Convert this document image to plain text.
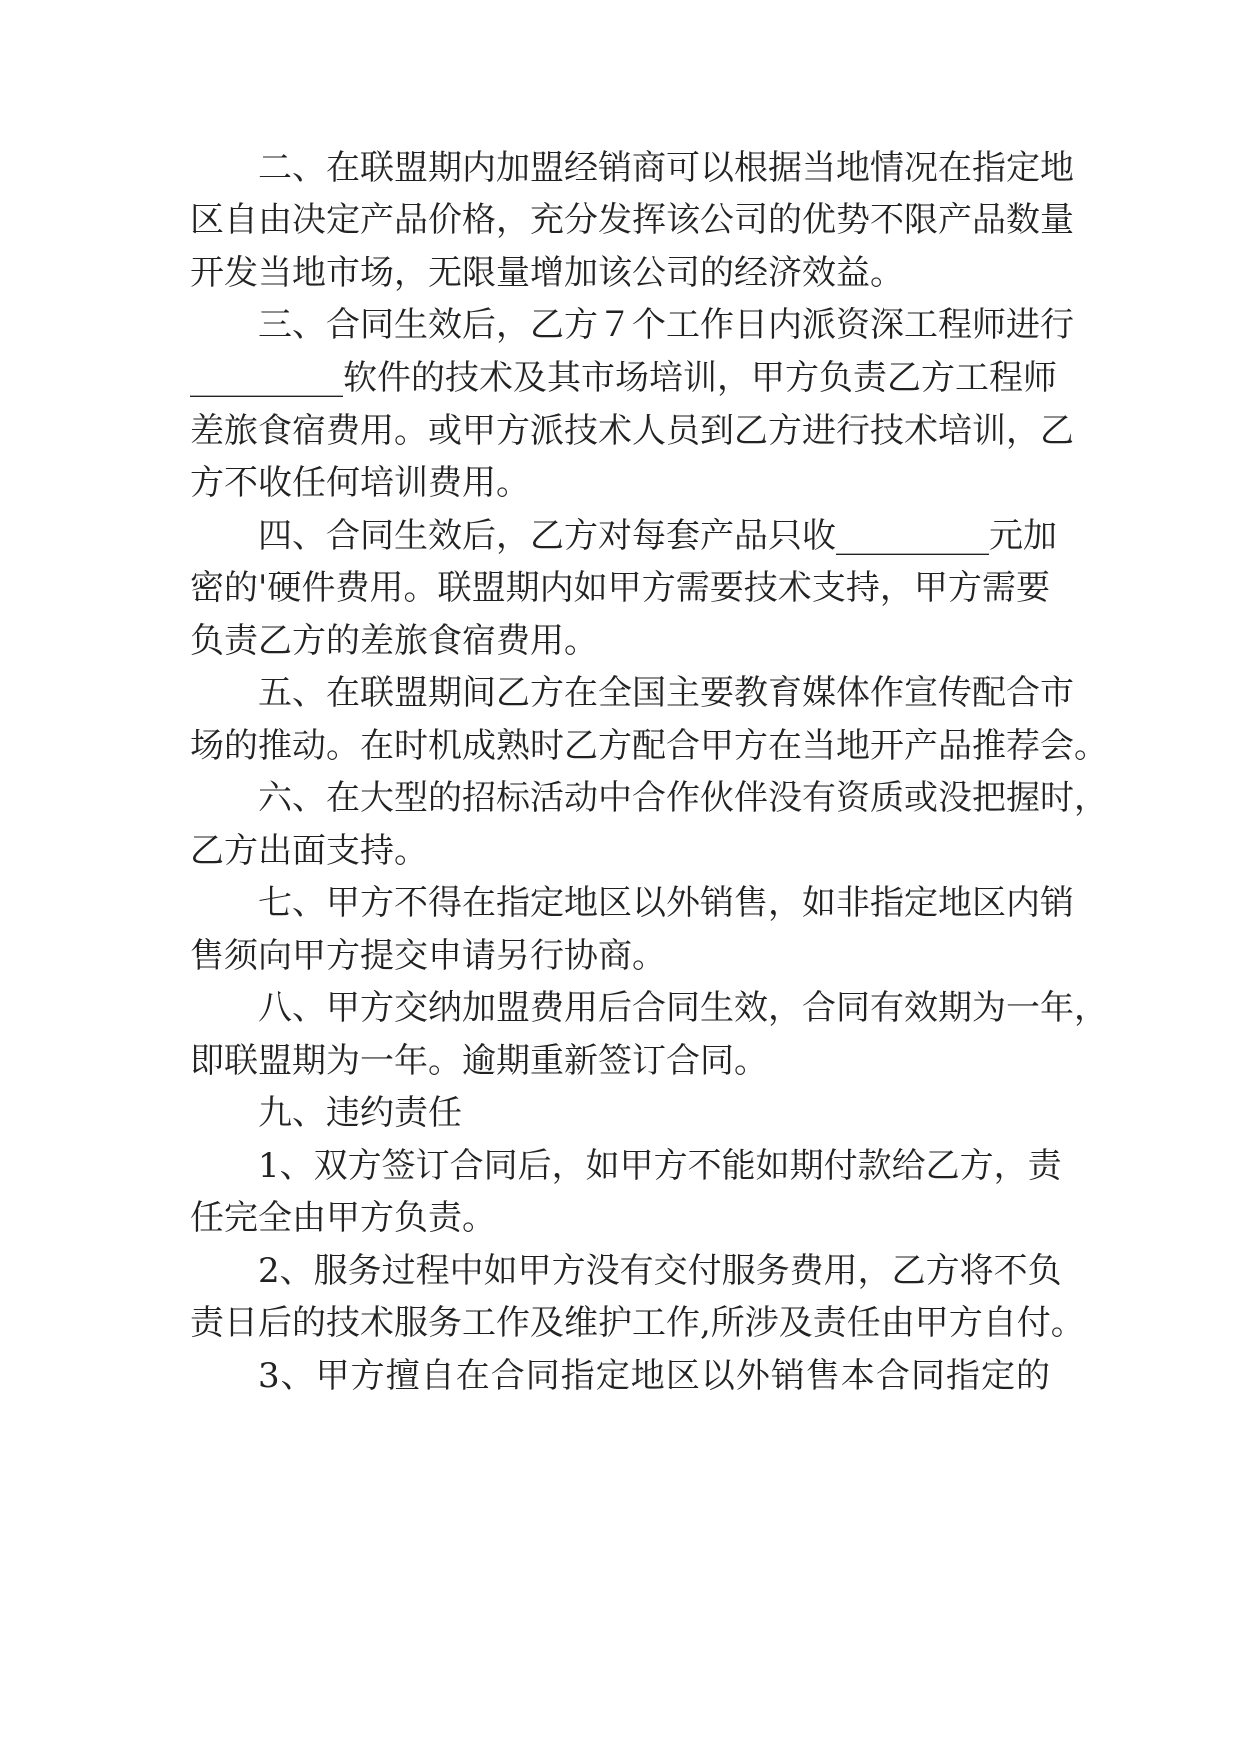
二、在联盟期内加盟经销商可以根据当地情况在指定地
区自由决定产品价格，充分发挥该公司的优势不限产品数量
开发当地市场，无限量增加该公司的经济效益。
三、合同生效后，乙方７个工作日内派资深工程师进行
_________软件的技术及其市场培训，甲方负责乙方工程师
差旅食宿费用。或甲方派技术人员到乙方进行技术培训，乙
方不收任何培训费用。
四、合同生效后，乙方对每套产品只收_________元加
密的'硬件费用。联盟期内如甲方需要技术支持，甲方需要
负责乙方的差旅食宿费用。
五、在联盟期间乙方在全国主要教育媒体作宣传配合市
场的推动。在时机成熟时乙方配合甲方在当地开产品推荐会。
六、在大型的招标活动中合作伙伴没有资质或没把握时，
乙方出面支持。
七、甲方不得在指定地区以外销售，如非指定地区内销
售须向甲方提交申请另行协商。
八、甲方交纳加盟费用后合同生效，合同有效期为一年，
即联盟期为一年。逾期重新签订合同。
九、违约责任
1、双方签订合同后，如甲方不能如期付款给乙方，责
任完全由甲方负责。
2、服务过程中如甲方没有交付服务费用，乙方将不负
责日后的技术服务工作及维护工作,所涉及责任由甲方自付。
3、甲方擅自在合同指定地区以外销售本合同指定的
